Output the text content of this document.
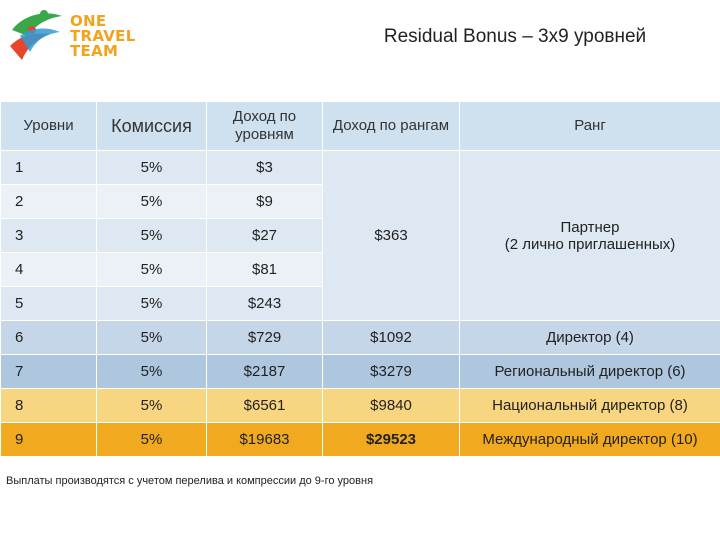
ONE
TRAVEL
TEAM
Residual Bonus – 3х9 уровней
Уровни	Комиссия	Доход по уровням	Доход по рангам	Ранг
1	5%	$3	$363	Партнер
(2 лично приглашенных)

2	5%	$9		
3	5%	$27		
4	5%	$81		
5	5%	$243		
6	5%	$729	$1092	Директор (4)
7	5%	$2187	$3279	Региональный директор (6)
8	5%	$6561	$9840	Национальный директор (8)
9	5%	$19683	$29523	Международный директор (10)
Выплаты производятся с учетом перелива и компрессии до 9-го уровня
